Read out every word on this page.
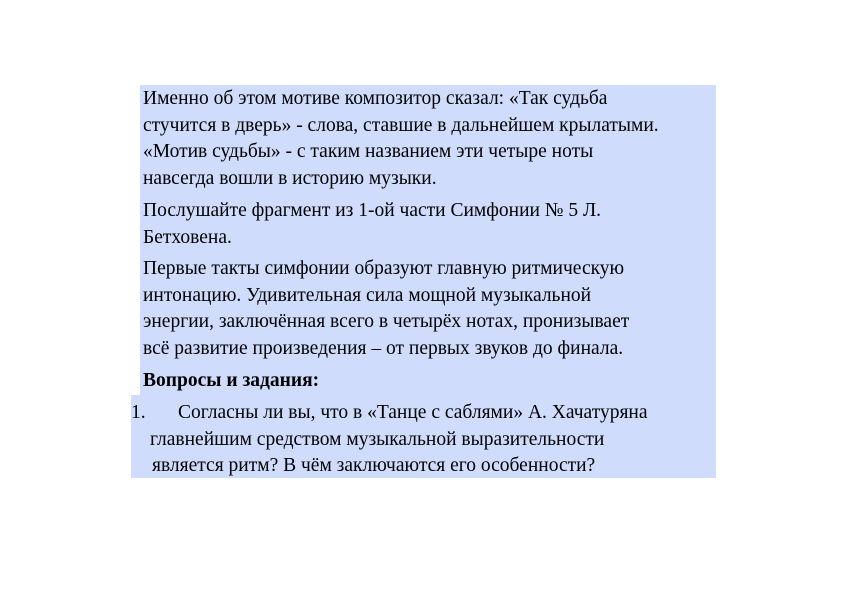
Именно об этом мотиве композитор сказал: «Так судьба
стучится в дверь» - слова, ставшие в дальнейшем крылатыми.
«Мотив судьбы» - с таким названием эти четыре ноты
навсегда вошли в историю музыки.

Послушайте фрагмент из 1-ой части Симфонии № 5 Л.
Бетховена.

Первые такты симфонии образуют главную ритмическую
интонацию. Удивительная сила мощной музыкальной
энергии, заключённая всего в четырёх нотах, пронизывает
всё развитие произведения – от первых звуков до финала.

Вопросы и задания:

1. Согласны ли вы, что в «Танце с саблями» А. Хачатуряна
главнейшим средством музыкальной выразительности
является ритм? В чём заключаются его особенности?
